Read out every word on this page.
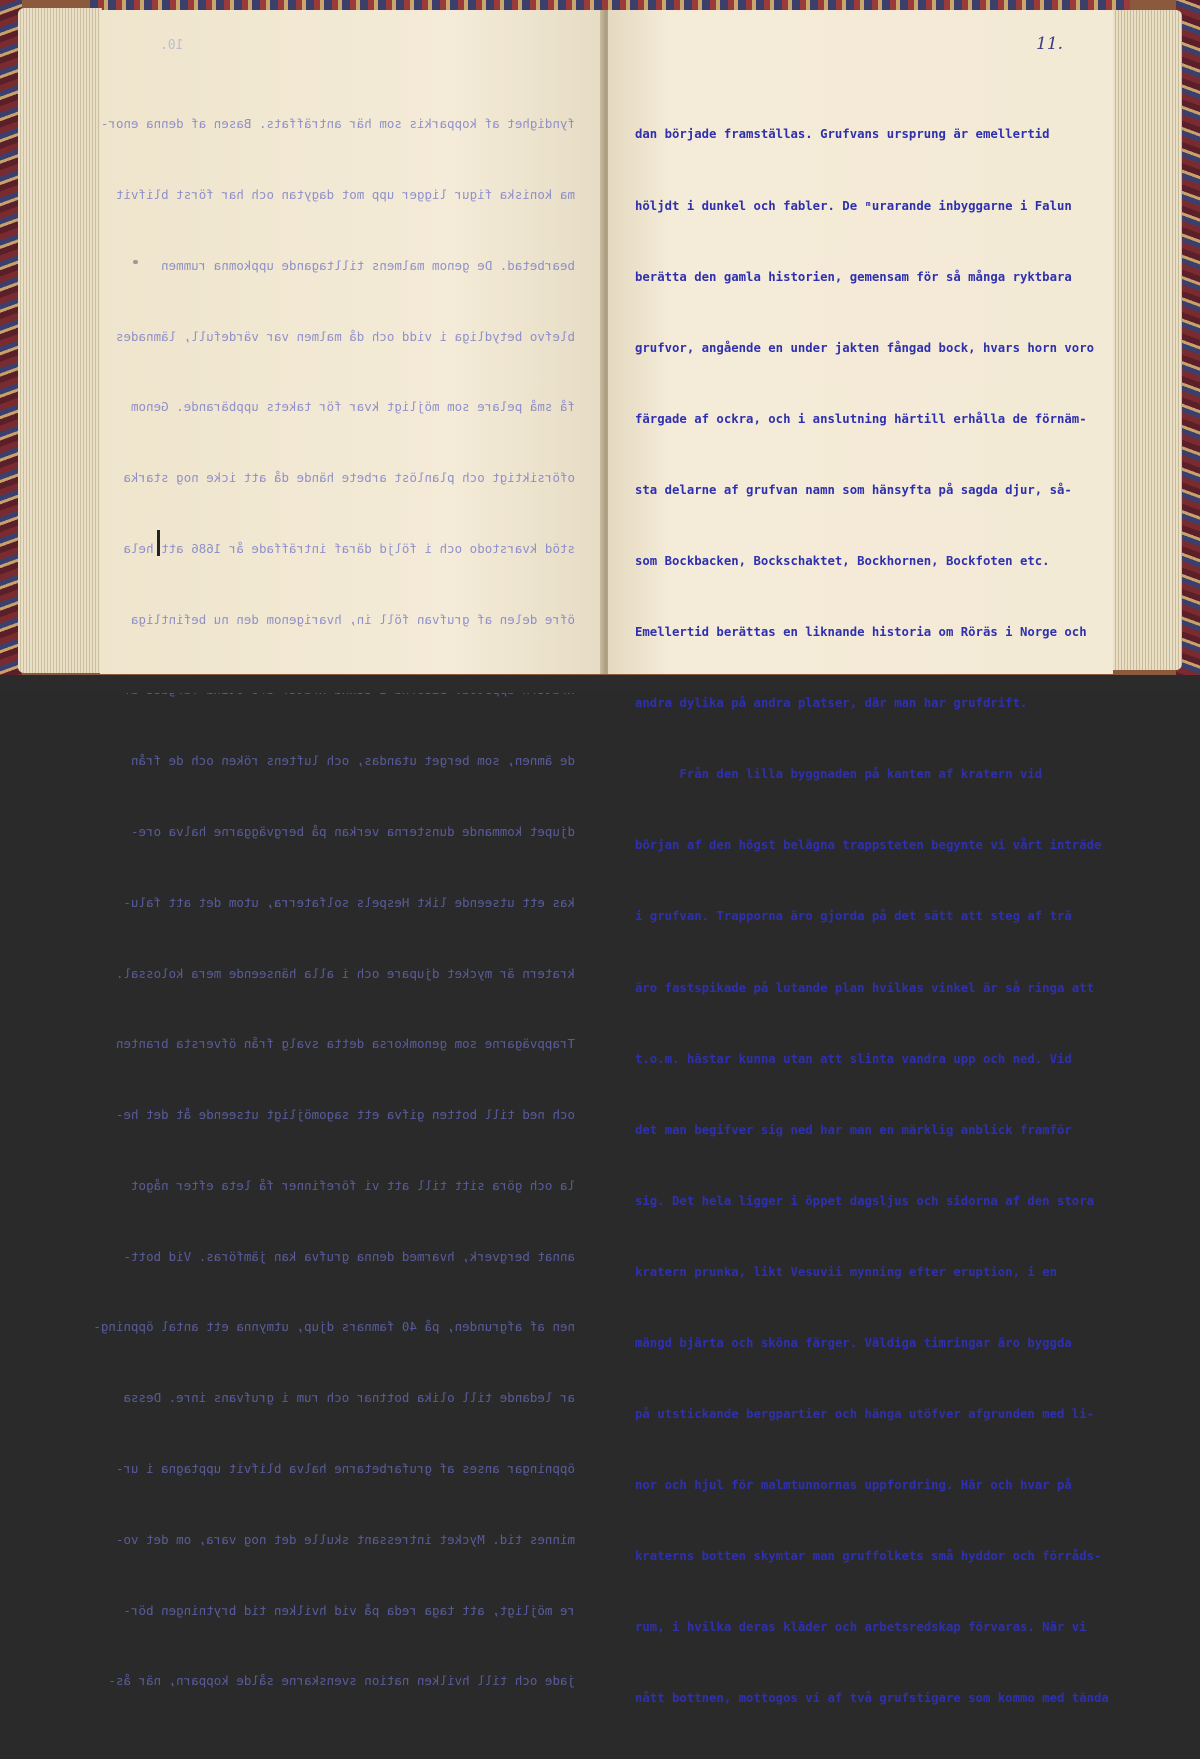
10.

fyndighet af kopparkis som här anträffats. Basen af denna enor-

ma koniska figur ligger upp mot dagytan och har först blifvit

bearbetad. De genom malmens tilltagande uppkomna rummen

blefvo betydliga i vidd och då malmen var värdefull, lämnades

få små pelare som möjligt kvar för takets uppbärande. Genom

oförsiktigt och planlöst arbete hände då att icke nog starka

stöd kvarstodo och i följd däraf inträffade år 1686 att hela

öfre delen af grufvan föll in, hvarigenom den nu befintliga

de ämnen, som berget utandas, och luftens röken och de från

djupet kommande dunsterna verkan på bergväggarne halva ore-

kas ett utseende likt Hespels solfaterra, utom det att falu-

kratern är mycket djupare och i alla hänseende mera kolossal.

Trappvägarne som genomkorsa detta svalg från öfversta branten

och ned till botten gifva ett sagomöjligt utseende åt det he-

la och göra sitt till att vi förefinner få leta efter något

annat bergverk, hvarmed denna grufva kan jämföras. Vid bott-

nen af afgrunden, på 40 famnars djup, utmynna ett antal öppning-

ar ledande till olika bottnar och rum i grufvans inre. Dessa

öppningar anses af grufarbetarne halva blifvit upptagna i ur-

minnes tid. Mycket intressant skulle det nog vara, om det vo-

re möjligt, att taga reda på vid hvilken tid brytningen bör-

jade och till hvilken nation svenskarne sålde kopparn, när ås-

11.

dan började framställas. Grufvans ursprung är emellertid

höljdt i dunkel och fabler. De ᵐurarande inbyggarne i Falun

berätta den gamla historien, gemensam för så många ryktbara

grufvor, angående en under jakten fångad bock, hvars horn voro

färgade af ockra, och i anslutning härtill erhålla de förnäm-

sta delarne af grufvan namn som hänsyfta på sagda djur, så-

som Bockbacken, Bockschaktet, Bockhornen, Bockfoten etc.

Emellertid berättas en liknande historia om Röräs i Norge och

andra dylika på andra platser, där man har grufdrift.

Från den lilla byggnaden på kanten af kratern vid

början af den högst belägna trappsteten begynte vi vårt inträde

i grufvan. Trapporna äro gjorda på det sätt att steg af trä

äro fastspikade på lutande plan hvilkas vinkel är så ringa att

t.o.m. hästar kunna utan att slinta vandra upp och ned. Vid

det man begifver sig ned har man en märklig anblick framför

sig. Det hela ligger i öppet dagsljus och sidorna af den stora

kratern prunka, likt Vesuvii mynning efter eruption, i en

mängd bjärta och sköna färger. Väldiga timringar äro byggda

på utstickande bergpartier och hänga utöfver afgrunden med li-

nor och hjul för malmtunnornas uppfordring. Här och hvar på

kraterns botten skymtar man gruffolkets små hyddor och förråds-

rum, i hvilka deras kläder och arbetsredskap förvaras. När vi

nått bottnen, mottogos vi af två grufstigare som kommo med tända
